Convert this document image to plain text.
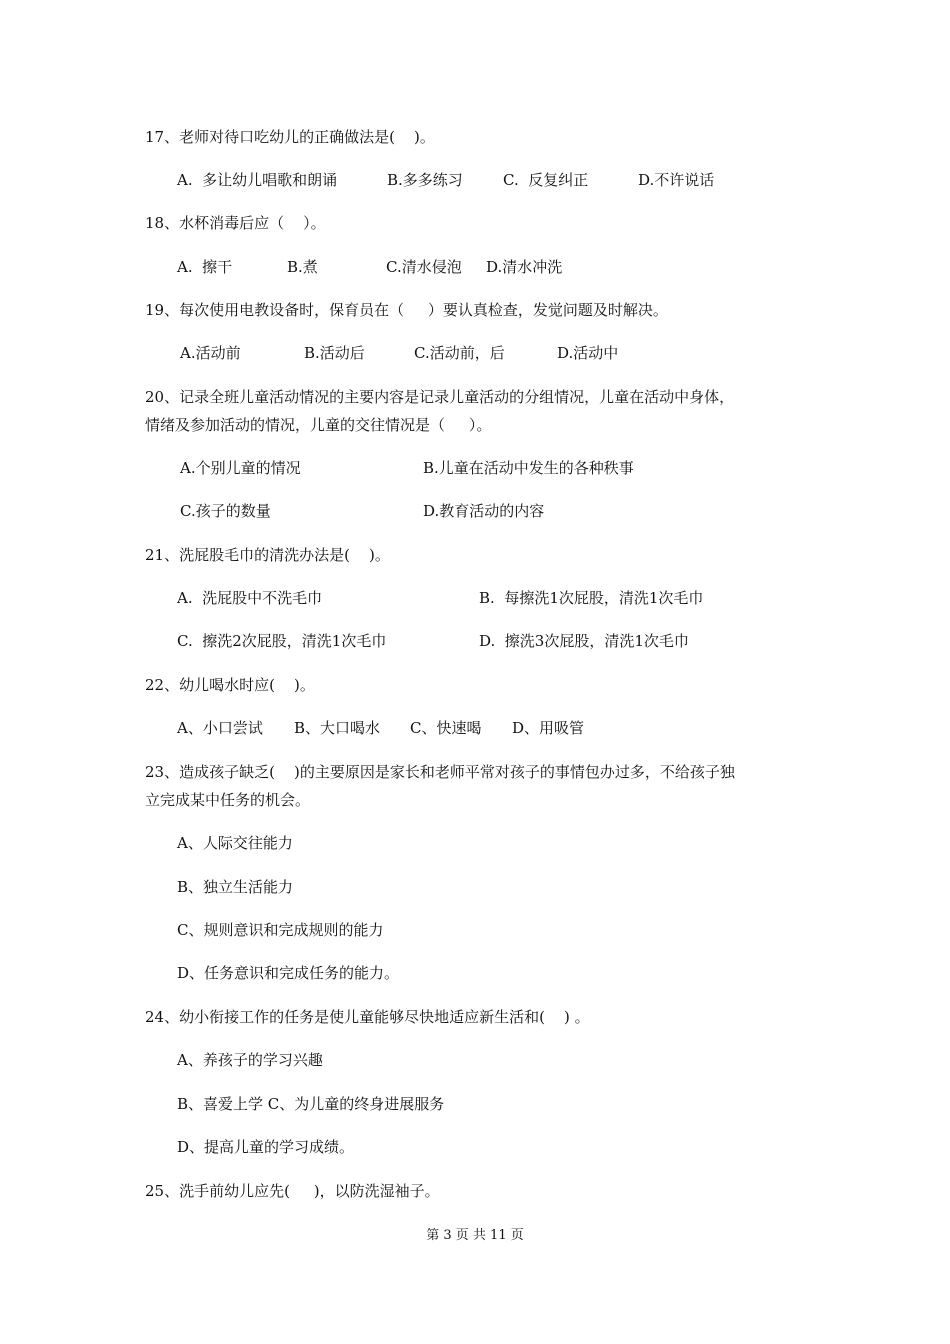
17、老师对待口吃幼儿的正确做法是(    )。
A.  多让幼儿唱歌和朗诵	B.多多练习	C.  反复纠正	D.不许说话
18、水杯消毒后应（    ）。
A.  擦干	B.煮	C.清水侵泡 D.清水冲洗
19、每次使用电教设备时，保育员在（     ）要认真检查，发觉问题及时解决。
A.活动前	B.活动后	C.活动前，后	D.活动中
20、记录全班儿童活动情况的主要内容是记录儿童活动的分组情况，儿童在活动中身体，
情绪及参加活动的情况，儿童的交往情况是（     ）。
A.个别儿童的情况	B.儿童在活动中发生的各种秩事
C.孩子的数量	D.教育活动的内容
21、洗屁股毛巾的清洗办法是(    )。
A.  洗屁股中不洗毛巾	B.  每擦洗1次屁股，清洗1次毛巾
C.  擦洗2次屁股，清洗1次毛巾	D.  擦洗3次屁股，清洗1次毛巾
22、幼儿喝水时应(    )。
A、小口尝试 B、大口喝水 C、快速喝 D、用吸管
23、造成孩子缺乏(    )的主要原因是家长和老师平常对孩子的事情包办过多，不给孩子独
立完成某中任务的机会。
A、人际交往能力
B、独立生活能力
C、规则意识和完成规则的能力
D、任务意识和完成任务的能力。
24、幼小衔接工作的任务是使儿童能够尽快地适应新生活和(    ) 。
A、养孩子的学习兴趣
B、喜爱上学 C、为儿童的终身进展服务
D、提高儿童的学习成绩。
25、洗手前幼儿应先(     )，以防洗湿袖子。
第 3 页 共 11 页
